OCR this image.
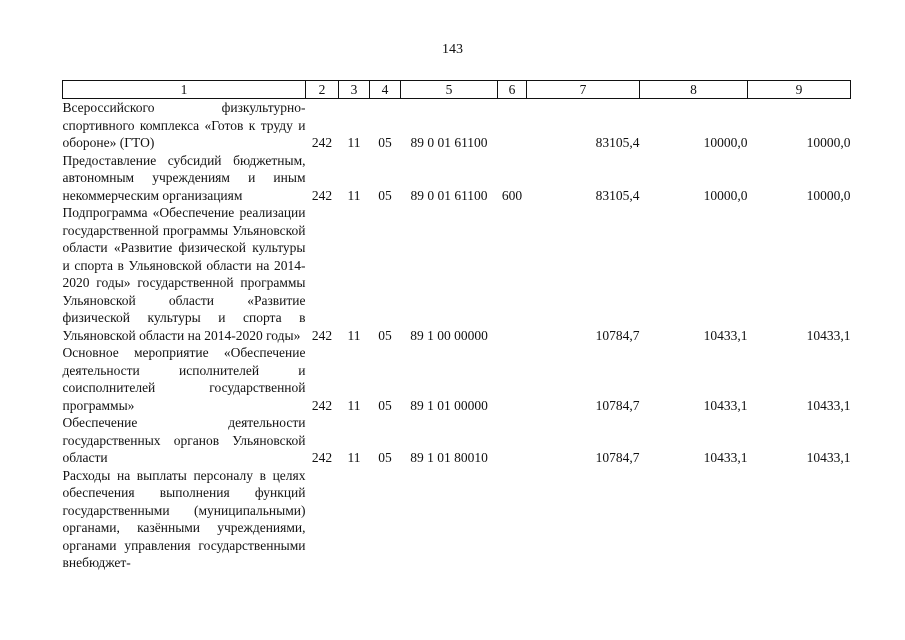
143
1	2	3	4	5	6	7	8	9
Всероссийского физкультурно-спортивного комплекса «Готов к труду и обороне» (ГТО)	242	11	05	89 0 01 61100		83105,4	10000,0	10000,0
Предоставление субсидий бюджетным, автономным учреждениям и иным некоммерческим организациям	242	11	05	89 0 01 61100	600	83105,4	10000,0	10000,0
Подпрограмма «Обеспечение реализации государственной программы Ульяновской области «Развитие физической культуры и спорта в Ульяновской области на 2014-2020 годы» государственной программы Ульяновской области «Развитие физической культуры и спорта в Ульяновской области на 2014-2020 годы»	242	11	05	89 1 00 00000		10784,7	10433,1	10433,1
Основное мероприятие «Обеспечение деятельности исполнителей и соисполнителей государственной программы»	242	11	05	89 1 01 00000		10784,7	10433,1	10433,1
Обеспечение деятельности государственных органов Ульяновской области	242	11	05	89 1 01 80010		10784,7	10433,1	10433,1
Расходы на выплаты персоналу в целях обеспечения выполнения функций государственными (муниципальными) органами, казёнными учреждениями, органами управления государственными внебюджет-								
